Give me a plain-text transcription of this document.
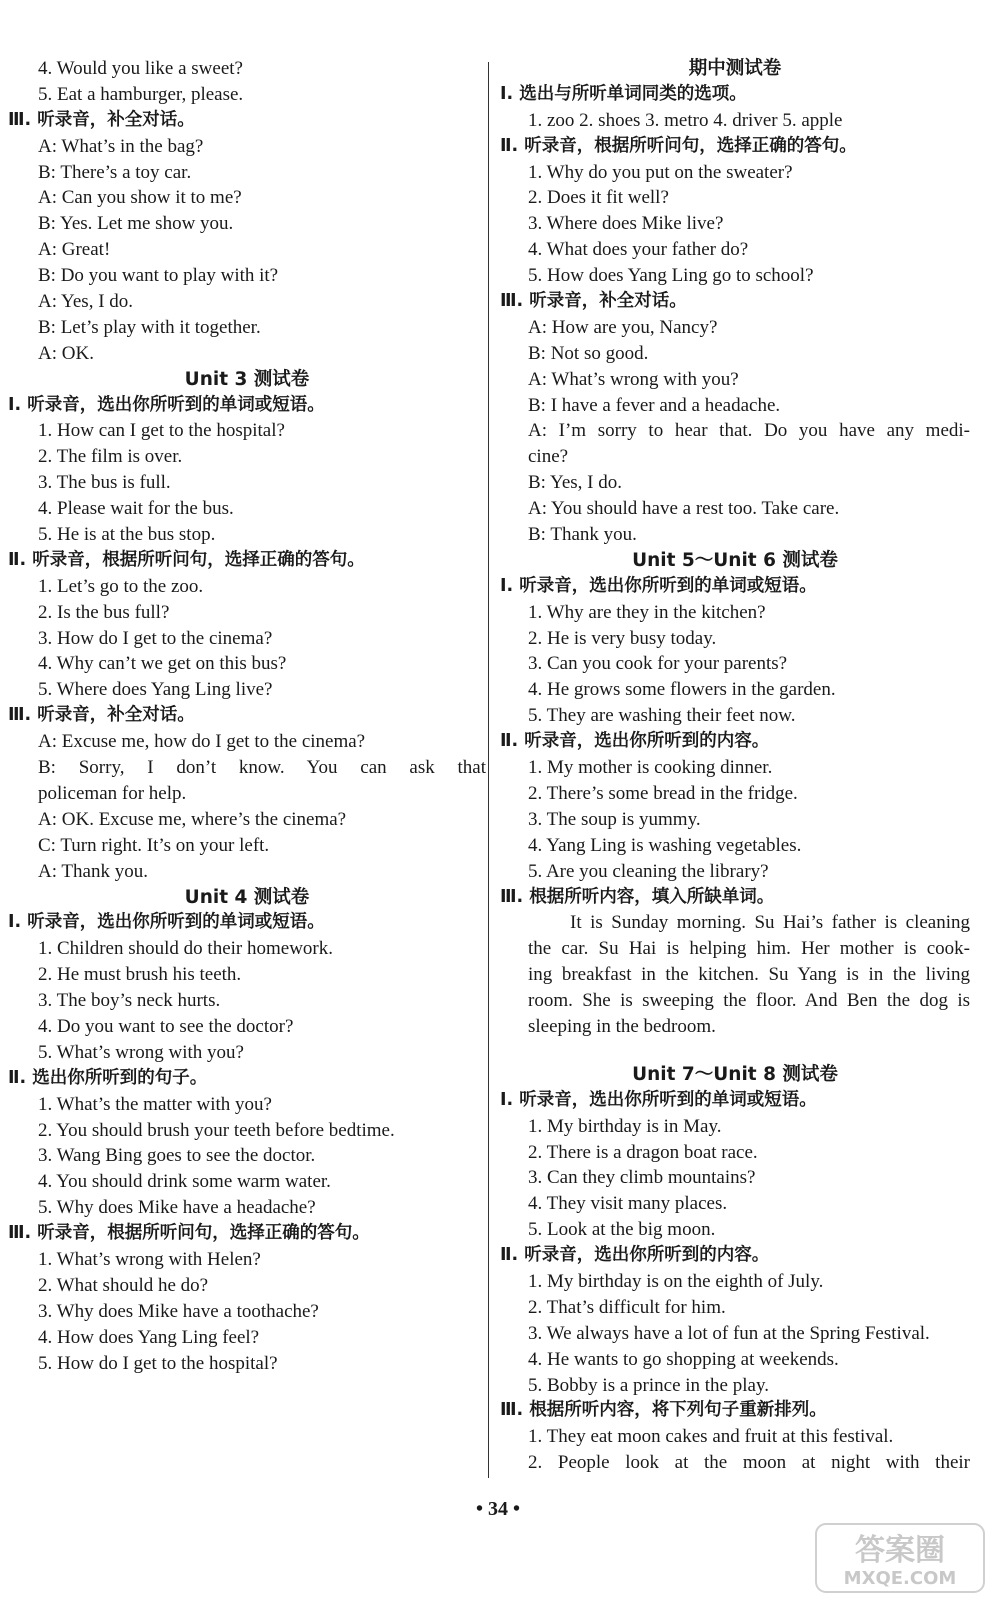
4. Would you like a sweet?
5. Eat a hamburger, please.
Ⅲ. 听录音，补全对话。
A: What’s in the bag?
B: There’s a toy car.
A: Can you show it to me?
B: Yes. Let me show you.
A: Great!
B: Do you want to play with it?
A: Yes, I do.
B: Let’s play with it together.
A: OK.
Unit 3 测试卷
Ⅰ. 听录音，选出你所听到的单词或短语。
1. How can I get to the hospital?
2. The film is over.
3. The bus is full.
4. Please wait for the bus.
5. He is at the bus stop.
Ⅱ. 听录音，根据所听问句，选择正确的答句。
1. Let’s go to the zoo.
2. Is the bus full?
3. How do I get to the cinema?
4. Why can’t we get on this bus?
5. Where does Yang Ling live?
Ⅲ. 听录音，补全对话。
A: Excuse me, how do I get to the cinema?
B: Sorry, I don’t know. You can ask that
policeman for help.
A: OK. Excuse me, where’s the cinema?
C: Turn right. It’s on your left.
A: Thank you.
Unit 4 测试卷
Ⅰ. 听录音，选出你所听到的单词或短语。
1. Children should do their homework.
2. He must brush his teeth.
3. The boy’s neck hurts.
4. Do you want to see the doctor?
5. What’s wrong with you?
Ⅱ. 选出你所听到的句子。
1. What’s the matter with you?
2. You should brush your teeth before bedtime.
3. Wang Bing goes to see the doctor.
4. You should drink some warm water.
5. Why does Mike have a headache?
Ⅲ. 听录音，根据所听问句，选择正确的答句。
1. What’s wrong with Helen?
2. What should he do?
3. Why does Mike have a toothache?
4. How does Yang Ling feel?
5. How do I get to the hospital?
期中测试卷
Ⅰ. 选出与所听单词同类的选项。
1. zoo 2. shoes 3. metro 4. driver 5. apple
Ⅱ. 听录音，根据所听问句，选择正确的答句。
1. Why do you put on the sweater?
2. Does it fit well?
3. Where does Mike live?
4. What does your father do?
5. How does Yang Ling go to school?
Ⅲ. 听录音，补全对话。
A: How are you, Nancy?
B: Not so good.
A: What’s wrong with you?
B: I have a fever and a headache.
A: I’m sorry to hear that. Do you have any medi-
cine?
B: Yes, I do.
A: You should have a rest too. Take care.
B: Thank you.
Unit 5～Unit 6 测试卷
Ⅰ. 听录音，选出你所听到的单词或短语。
1. Why are they in the kitchen?
2. He is very busy today.
3. Can you cook for your parents?
4. He grows some flowers in the garden.
5. They are washing their feet now.
Ⅱ. 听录音，选出你所听到的内容。
1. My mother is cooking dinner.
2. There’s some bread in the fridge.
3. The soup is yummy.
4. Yang Ling is washing vegetables.
5. Are you cleaning the library?
Ⅲ. 根据所听内容，填入所缺单词。
It is Sunday morning. Su Hai’s father is cleaning
the car. Su Hai is helping him. Her mother is cook-
ing breakfast in the kitchen. Su Yang is in the living
room. She is sweeping the floor. And Ben the dog is
sleeping in the bedroom.
Unit 7～Unit 8 测试卷
Ⅰ. 听录音，选出你所听到的单词或短语。
1. My birthday is in May.
2. There is a dragon boat race.
3. Can they climb mountains?
4. They visit many places.
5. Look at the big moon.
Ⅱ. 听录音，选出你所听到的内容。
1. My birthday is on the eighth of July.
2. That’s difficult for him.
3. We always have a lot of fun at the Spring Festival.
4. He wants to go shopping at weekends.
5. Bobby is a prince in the play.
Ⅲ. 根据所听内容，将下列句子重新排列。
1. They eat moon cakes and fruit at this festival.
2. People look at the moon at night with their
• 34 •
答案圈
MXQE.COM
